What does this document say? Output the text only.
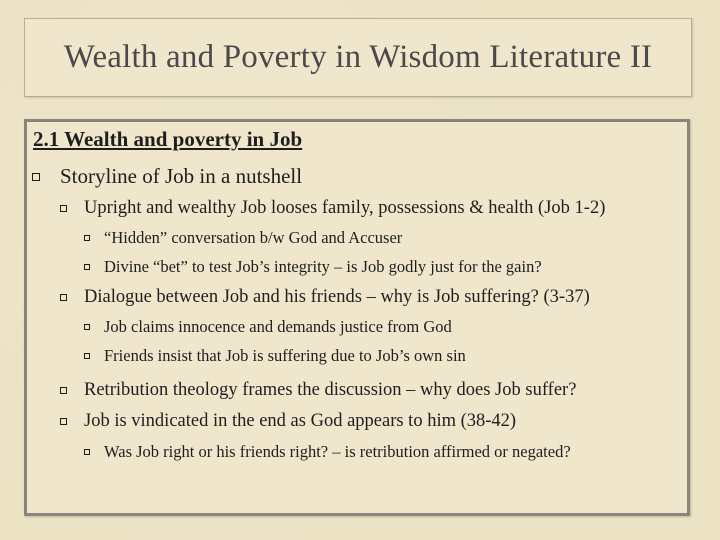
Wealth and Poverty in Wisdom Literature II
2.1 Wealth and poverty in Job
Storyline of Job in a nutshell
Upright and wealthy Job looses family, possessions & health (Job 1-2)
“Hidden” conversation b/w God and Accuser
Divine “bet” to test Job’s integrity – is Job godly just for the gain?
Dialogue between Job and his friends – why is Job suffering? (3-37)
Job claims innocence and demands justice from God
Friends insist that Job is suffering due to Job’s own sin
Retribution theology frames the discussion – why does Job suffer?
Job is vindicated in the end as God appears to him (38-42)
Was Job right or his friends right? – is retribution affirmed or negated?
